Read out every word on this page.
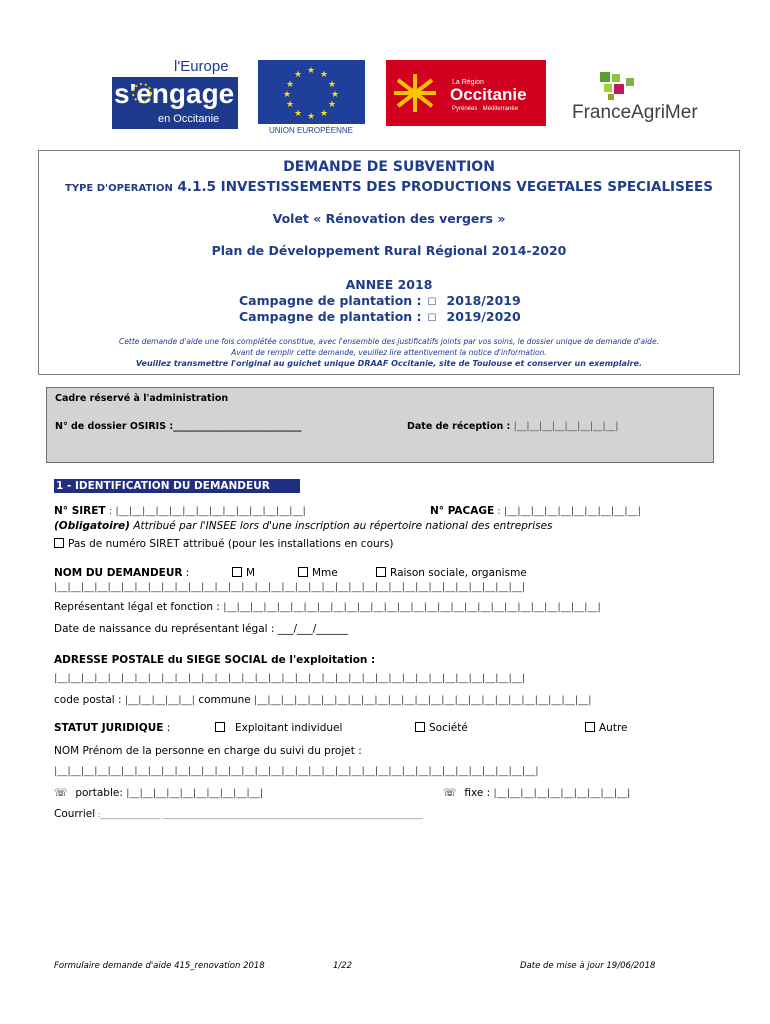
l'Europe
s'engage
en Occitanie
★ ★
★
★
★
★
★
★
★
★
★
★
UNION EUROPÉENNE
La Région
Occitanie
Pyrénées · Méditerranée	FranceAgriMer
DEMANDE DE SUBVENTION
TYPE D'OPERATION 4.1.5 INVESTISSEMENTS DES PRODUCTIONS VEGETALES SPECIALISEES
Volet « Rénovation des vergers »
Plan de Développement Rural Régional 2014-2020
ANNEE 2018
Campagne de plantation : ☐ 2018/2019
Campagne de plantation : ☐ 2019/2020
Cette demande d'aide une fois complétée constitue, avec l'ensemble des justificatifs joints par vos soins, le dossier unique de demande d'aide.
Avant de remplir cette demande, veuillez lire attentivement la notice d'information.
Veuillez transmettre l'original au guichet unique DRAAF Occitanie, site de Toulouse et conserver un exemplaire.
Cadre réservé à l'administration
N° de dossier OSIRIS :___________________________	Date de réception : |__|__|__|__|__|__|__|__|
1 - IDENTIFICATION DU DEMANDEUR
N° SIRET : |__|__|__|__|__|__|__|__|__|__|__|__|__|__|	N° PACAGE : |__|__|__|__|__|__|__|__|__|__|
(Obligatoire) Attribué par l'INSEE lors d'une inscription au répertoire national des entreprises
Pas de numéro SIRET attribué (pour les installations en cours)
NOM DU DEMANDEUR :	M	Mme	Raison sociale, organisme
|__|__|__|__|__|__|__|__|__|__|__|__|__|__|__|__|__|__|__|__|__|__|__|__|__|__|__|__|__|__|__|__|__|__|__|
Représentant légal et fonction : |__|__|__|__|__|__|__|__|__|__|__|__|__|__|__|__|__|__|__|__|__|__|__|__|__|__|__|__|
Date de naissance du représentant légal : ___/___/______
ADRESSE POSTALE du SIEGE SOCIAL de l'exploitation :
|__|__|__|__|__|__|__|__|__|__|__|__|__|__|__|__|__|__|__|__|__|__|__|__|__|__|__|__|__|__|__|__|__|__|__|
code postal : |__|__|__|__|__| commune |__|__|__|__|__|__|__|__|__|__|__|__|__|__|__|__|__|__|__|__|__|__|__|__|__|
STATUT JURIDIQUE :	Exploitant individuel	Société	Autre
NOM Prénom de la personne en charge du suivi du projet :
|__|__|__|__|__|__|__|__|__|__|__|__|__|__|__|__|__|__|__|__|__|__|__|__|__|__|__|__|__|__|__|__|__|__|__|__|
☏ portable: |__|__|__|__|__|__|__|__|__|__|	☏ fixe : |__|__|__|__|__|__|__|__|__|__|
Courriel :_______________ _________________________________________________________________
Formulaire demande d'aide 415_renovation 2018	1/22	Date de mise à jour 19/06/2018
